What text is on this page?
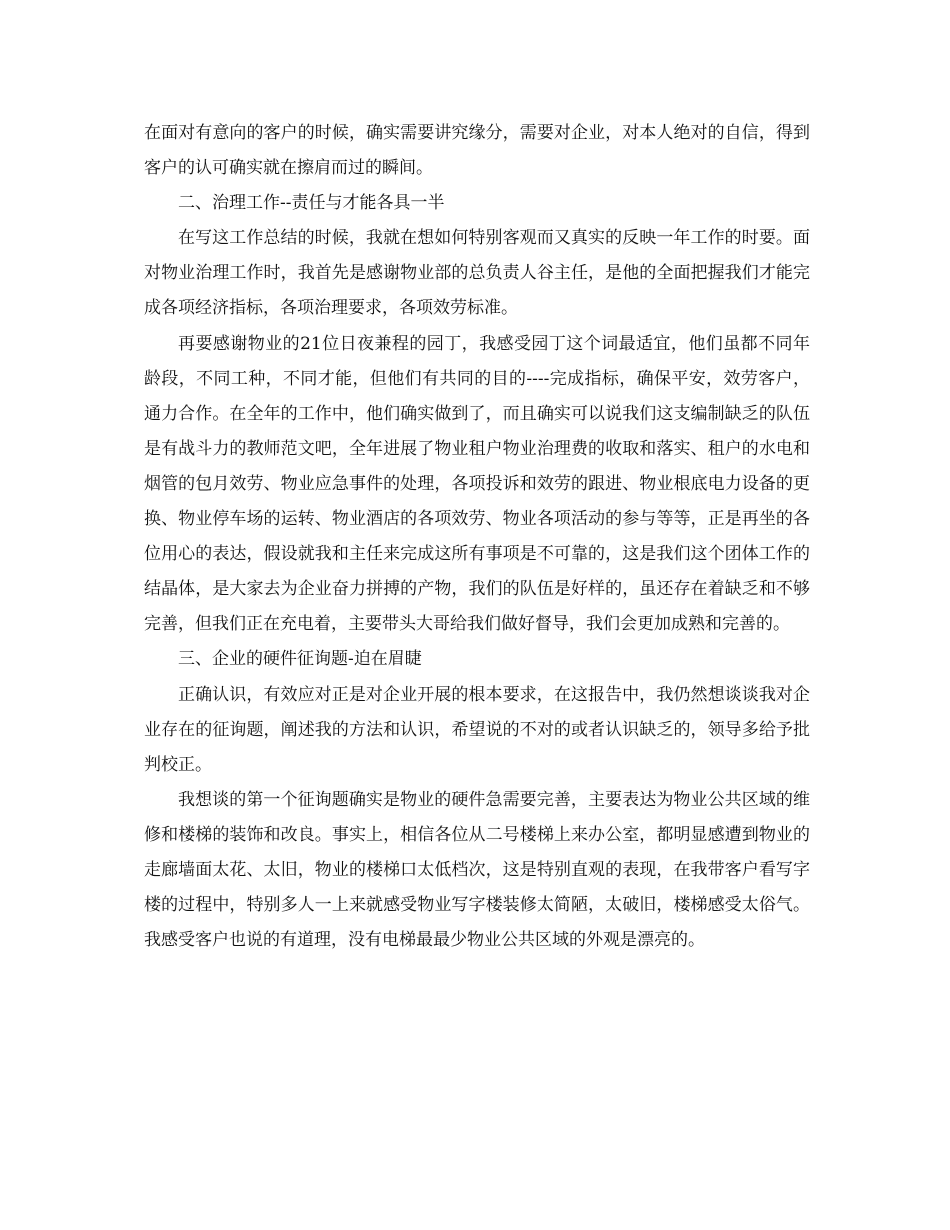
在面对有意向的客户的时候，确实需要讲究缘分，需要对企业，对本人绝对的自信，得到客户的认可确实就在擦肩而过的瞬间。

二、治理工作--责任与才能各具一半

在写这工作总结的时候，我就在想如何特别客观而又真实的反映一年工作的时要。面对物业治理工作时，我首先是感谢物业部的总负责人谷主任，是他的全面把握我们才能完成各项经济指标，各项治理要求，各项效劳标准。

再要感谢物业的21位日夜兼程的园丁，我感受园丁这个词最适宜，他们虽都不同年龄段，不同工种，不同才能，但他们有共同的目的----完成指标，确保平安，效劳客户，通力合作。在全年的工作中，他们确实做到了，而且确实可以说我们这支编制缺乏的队伍是有战斗力的教师范文吧，全年进展了物业租户物业治理费的收取和落实、租户的水电和烟管的包月效劳、物业应急事件的处理，各项投诉和效劳的跟进、物业根底电力设备的更换、物业停车场的运转、物业酒店的各项效劳、物业各项活动的参与等等，正是再坐的各位用心的表达，假设就我和主任来完成这所有事项是不可靠的，这是我们这个团体工作的结晶体，是大家去为企业奋力拼搏的产物，我们的队伍是好样的，虽还存在着缺乏和不够完善，但我们正在充电着，主要带头大哥给我们做好督导，我们会更加成熟和完善的。

三、企业的硬件征询题-迫在眉睫

正确认识，有效应对正是对企业开展的根本要求，在这报告中，我仍然想谈谈我对企业存在的征询题，阐述我的方法和认识，希望说的不对的或者认识缺乏的，领导多给予批判校正。

我想谈的第一个征询题确实是物业的硬件急需要完善，主要表达为物业公共区域的维修和楼梯的装饰和改良。事实上，相信各位从二号楼梯上来办公室，都明显感遭到物业的走廊墙面太花、太旧，物业的楼梯口太低档次，这是特别直观的表现，在我带客户看写字楼的过程中，特别多人一上来就感受物业写字楼装修太简陋，太破旧，楼梯感受太俗气。我感受客户也说的有道理，没有电梯最最少物业公共区域的外观是漂亮的。
